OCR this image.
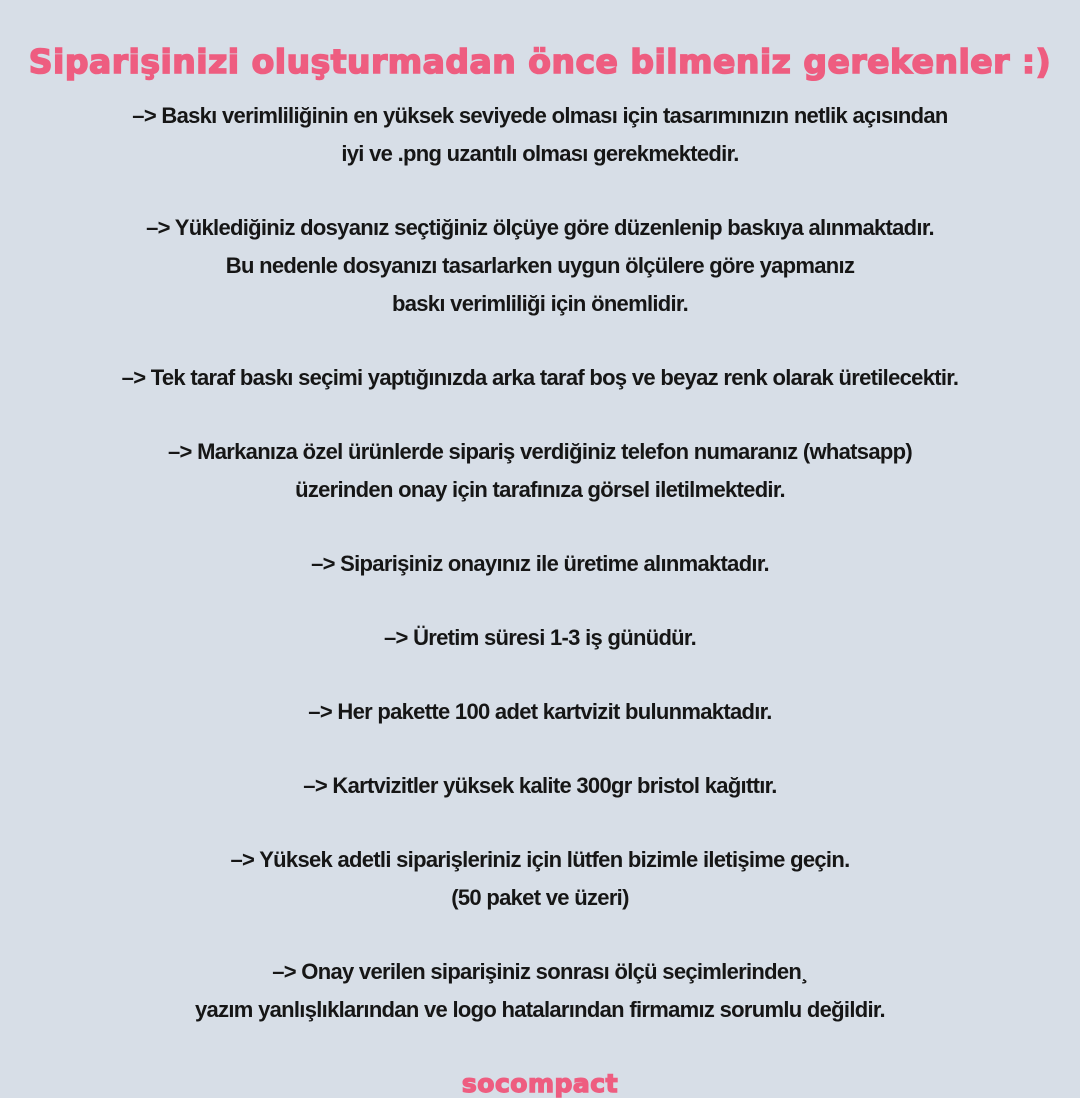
Siparişinizi oluşturmadan önce bilmeniz gerekenler :)
–> Baskı verimliliğinin en yüksek seviyede olması için tasarımınızın netlik açısından
iyi ve .png uzantılı olması gerekmektedir.
–> Yüklediğiniz dosyanız seçtiğiniz ölçüye göre düzenlenip baskıya alınmaktadır.
Bu nedenle dosyanızı tasarlarken uygun ölçülere göre yapmanız
baskı verimliliği için önemlidir.
–> Tek taraf baskı seçimi yaptığınızda arka taraf boş ve beyaz renk olarak üretilecektir.
–> Markanıza özel ürünlerde sipariş verdiğiniz telefon numaranız (whatsapp)
üzerinden onay için tarafınıza görsel iletilmektedir.
–> Siparişiniz onayınız ile üretime alınmaktadır.
–> Üretim süresi 1-3 iş günüdür.
–> Her pakette 100 adet kartvizit bulunmaktadır.
–> Kartvizitler yüksek kalite 300gr bristol kağıttır.
–> Yüksek adetli siparişleriniz için lütfen bizimle iletişime geçin.
(50 paket ve üzeri)
–> Onay verilen siparişiniz sonrası ölçü seçimlerinden¸
yazım yanlışlıklarından ve logo hatalarından firmamız sorumlu değildir.
socompact
